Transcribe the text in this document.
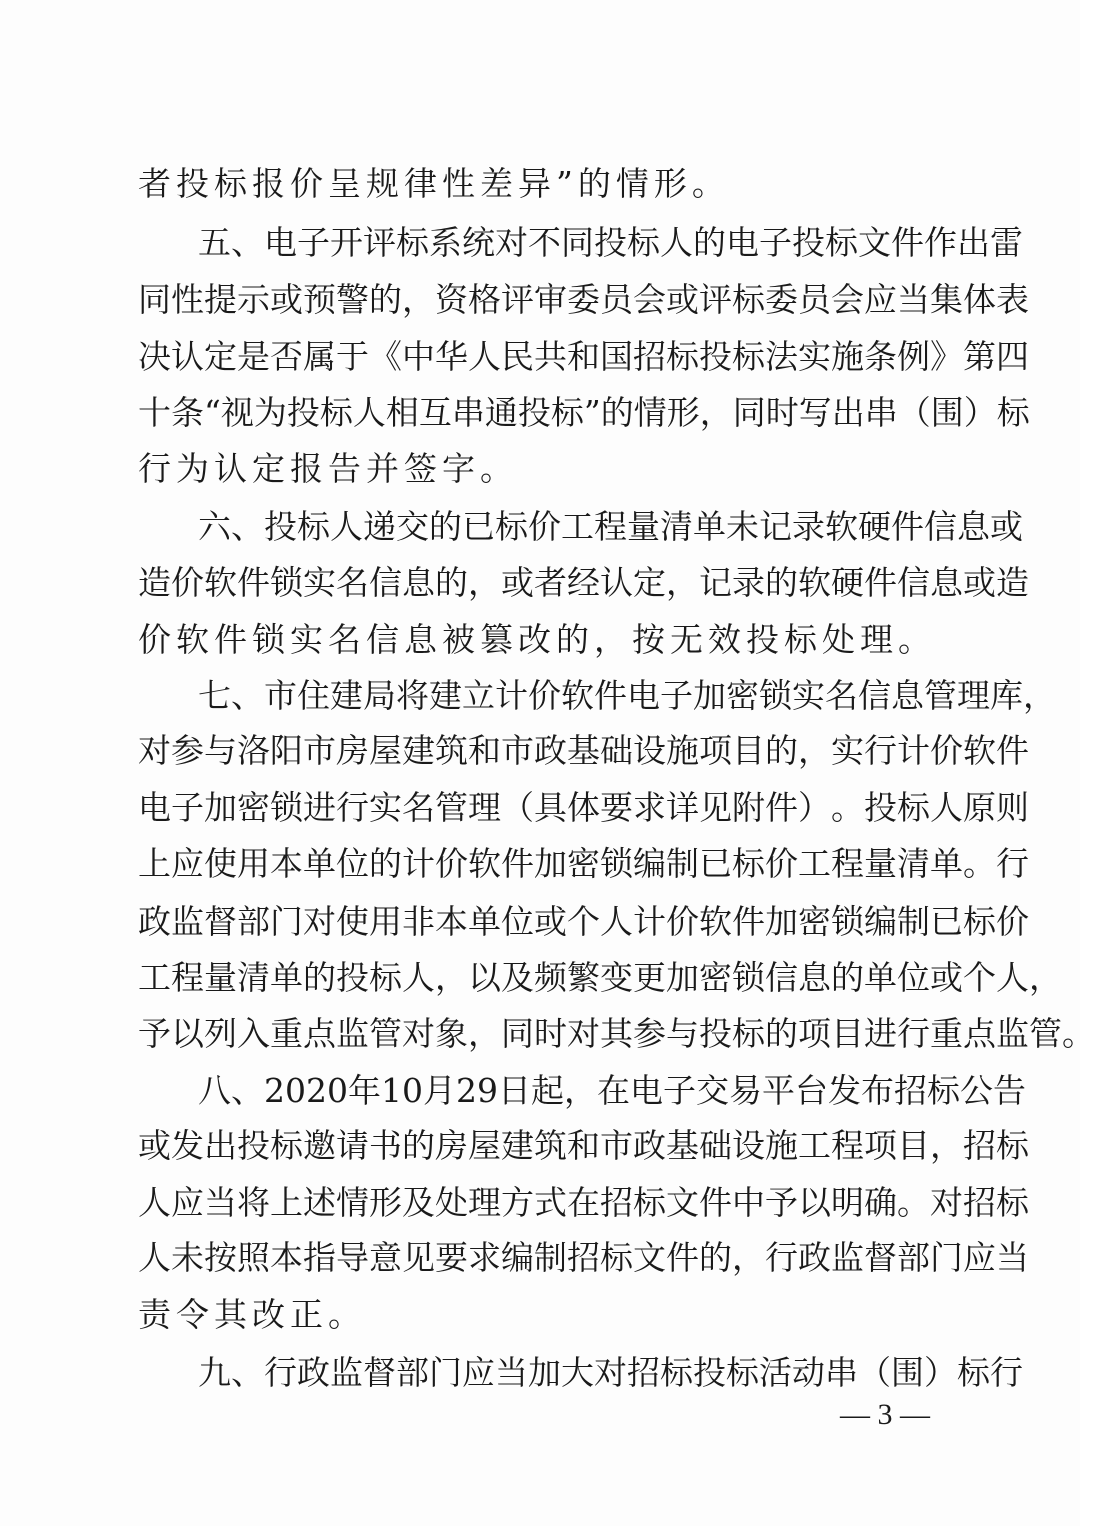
者投标报价呈规律性差异”的情形。
五 、 电 子 开 评 标 系 统 对 不 同 投 标 人 的 电 子 投 标 文 件 作 出 雷
同 性 提 示 或 预 警 的 ， 资 格 评 审 委 员 会 或 评 标 委 员 会 应 当 集 体 表
决 认 定 是 否 属 于 《 中 华 人 民 共 和 国 招 标 投 标 法 实 施 条 例 》 第 四
十 条 “ 视 为 投 标 人 相 互 串 通 投 标 ” 的 情 形 ， 同 时 写 出 串 （ 围 ） 标
行为认定报告并签字。
六 、 投 标 人 递 交 的 已 标 价 工 程 量 清 单 未 记 录 软 硬 件 信 息 或
造 价 软 件 锁 实 名 信 息 的 ， 或 者 经 认 定 ， 记 录 的 软 硬 件 信 息 或 造
价软件锁实名信息被篡改的，按无效投标处理。
七 、 市 住 建 局 将 建 立 计 价 软 件 电 子 加 密 锁 实 名 信 息 管 理 库 ，
对 参 与 洛 阳 市 房 屋 建 筑 和 市 政 基 础 设 施 项 目 的 ， 实 行 计 价 软 件
电 子 加 密 锁 进 行 实 名 管 理 （ 具 体 要 求 详 见 附 件 ） 。 投 标 人 原 则
上 应 使 用 本 单 位 的 计 价 软 件 加 密 锁 编 制 已 标 价 工 程 量 清 单 。 行
政 监 督 部 门 对 使 用 非 本 单 位 或 个 人 计 价 软 件 加 密 锁 编 制 已 标 价
工 程 量 清 单 的 投 标 人 ， 以 及 频 繁 变 更 加 密 锁 信 息 的 单 位 或 个 人 ，
予 以 列 入 重 点 监 管 对 象 ， 同 时 对 其 参 与 投 标 的 项 目 进 行 重 点 监 管 。
八 、 2 0 2 0 年 1 0 月 2 9 日 起 ， 在 电 子 交 易 平 台 发 布 招 标 公 告
或 发 出 投 标 邀 请 书 的 房 屋 建 筑 和 市 政 基 础 设 施 工 程 项 目 ， 招 标
人 应 当 将 上 述 情 形 及 处 理 方 式 在 招 标 文 件 中 予 以 明 确 。 对 招 标
人 未 按 照 本 指 导 意 见 要 求 编 制 招 标 文 件 的 ， 行 政 监 督 部 门 应 当
责令其改正。
九 、 行 政 监 督 部 门 应 当 加 大 对 招 标 投 标 活 动 串 （ 围 ） 标 行
— 3 —
